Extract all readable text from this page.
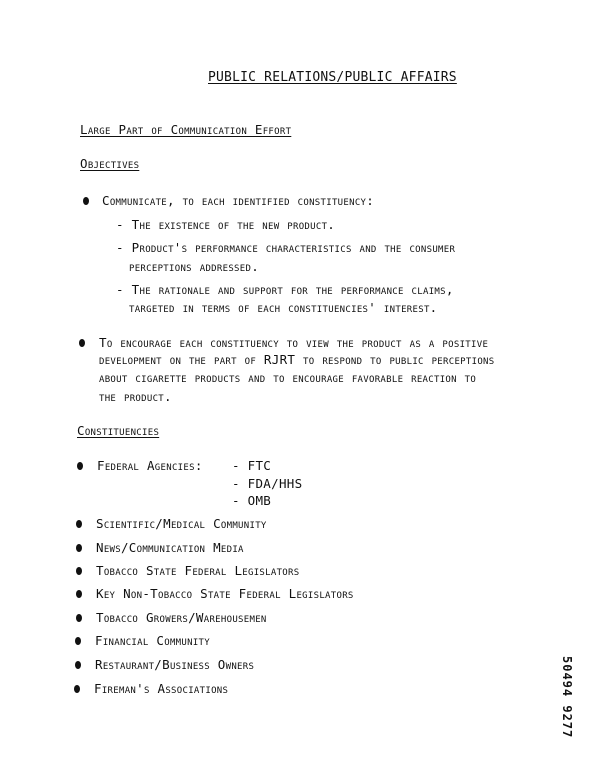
PUBLIC RELATIONS/PUBLIC AFFAIRS
Large Part of Communication Effort
Objectives
Communicate, to each identified constituency:
- The existence of the new product.
- Product's performance characteristics and the consumer
perceptions addressed.
- The rationale and support for the performance claims,
targeted in terms of each constituencies' interest.
To encourage each constituency to view the product as a positive
development on the part of RJRT to respond to public perceptions
about cigarette products and to encourage favorable reaction to
the product.
Constituencies
Federal Agencies: - FTC
- FDA/HHS
- OMB
Scientific/Medical Community
News/Communication Media
Tobacco State Federal Legislators
Key Non-Tobacco State Federal Legislators
Tobacco Growers/Warehousemen
Financial Community
Restaurant/Business Owners
Fireman's Associations	50494 9277
